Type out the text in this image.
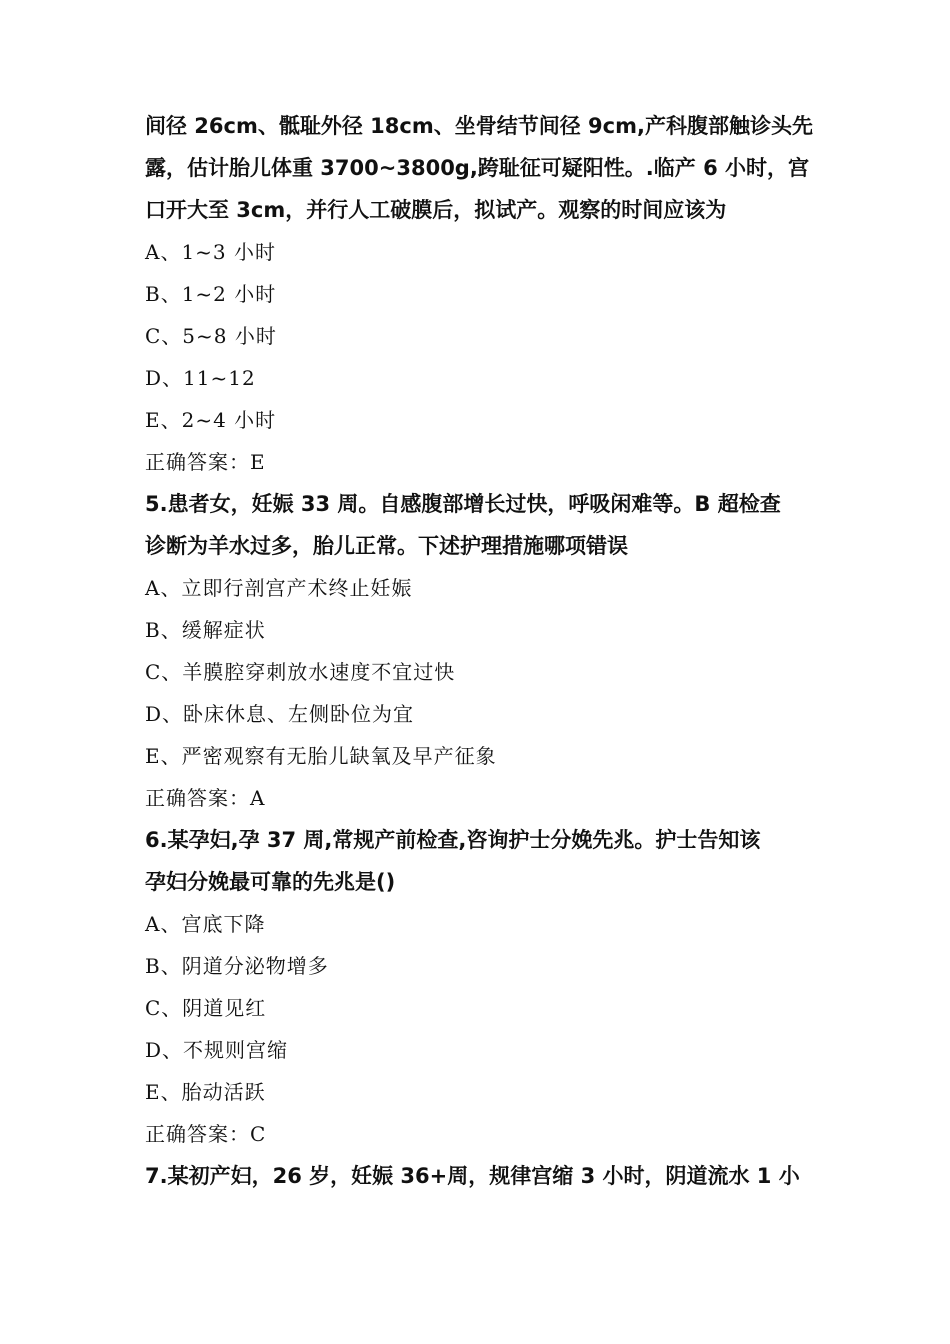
间径 26cm、骶耻外径 18cm、坐骨结节间径 9cm,产科腹部触诊头先
露，估计胎儿体重 3700~3800g,跨耻征可疑阳性。.临产 6 小时，宫
口开大至 3cm，并行人工破膜后，拟试产。观察的时间应该为
A、1~3 小时
B、1~2 小时
C、5~8 小时
D、11~12
E、2~4 小时
正确答案：E
5.患者女，妊娠 33 周。自感腹部增长过快，呼吸闲难等。B 超检查
诊断为羊水过多，胎儿正常。下述护理措施哪项错误
A、立即行剖宫产术终止妊娠
B、缓解症状
C、羊膜腔穿刺放水速度不宜过快
D、卧床休息、左侧卧位为宜
E、严密观察有无胎儿缺氧及早产征象
正确答案：A
6.某孕妇,孕 37 周,常规产前检查,咨询护士分娩先兆。护士告知该
孕妇分娩最可靠的先兆是()
A、宫底下降
B、阴道分泌物增多
C、阴道见红
D、不规则宫缩
E、胎动活跃
正确答案：C
7.某初产妇，26 岁，妊娠 36+周，规律宫缩 3 小时，阴道流水 1 小
